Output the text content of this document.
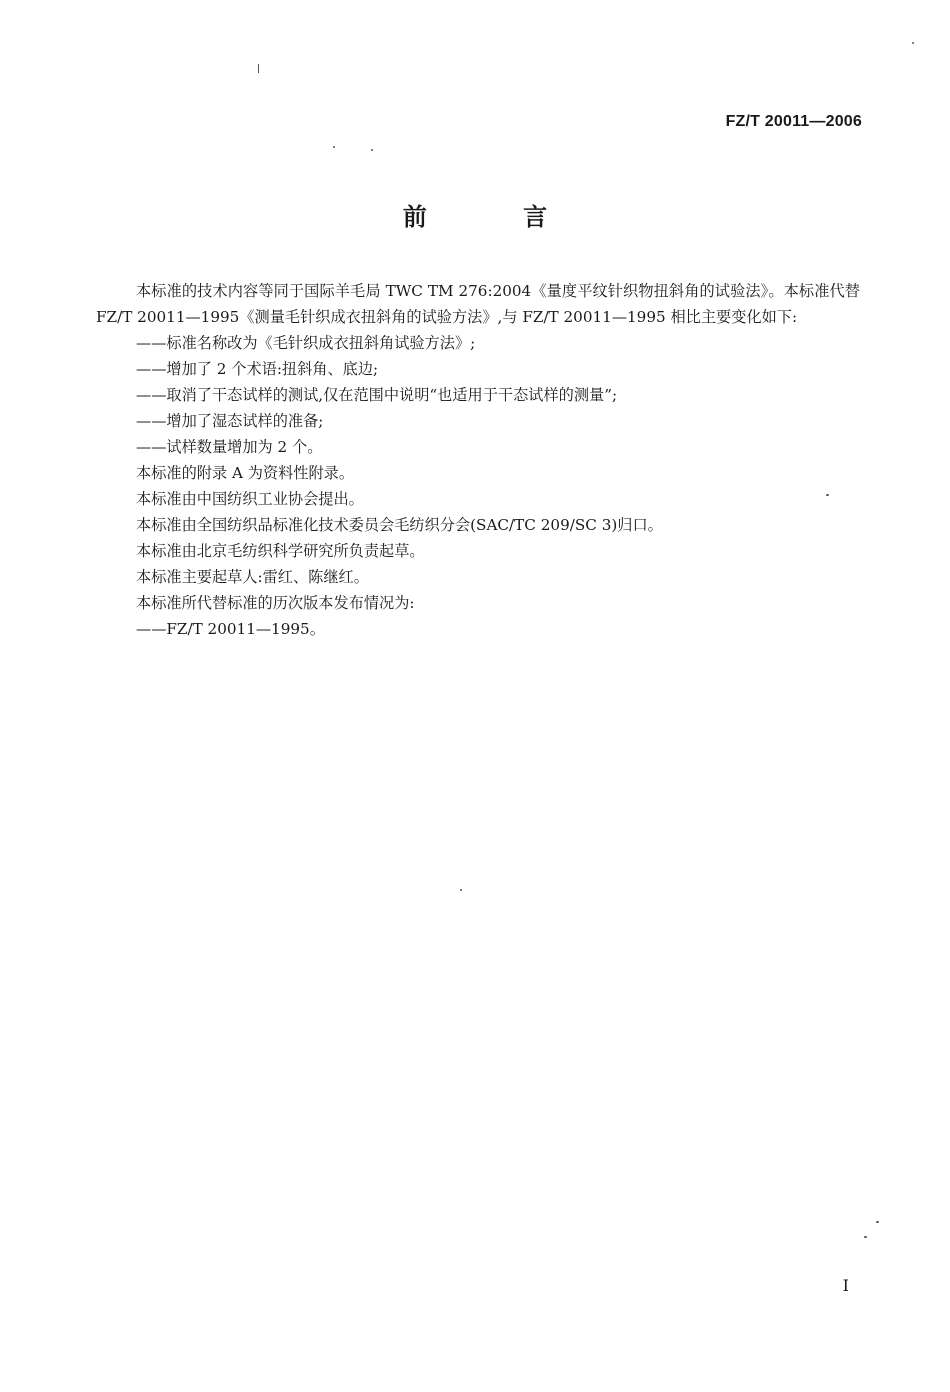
FZ/T 20011—2006
前 言

本标准的技术内容等同于国际羊毛局 TWC TM 276:2004《量度平纹针织物扭斜角的试验法》。本标准代替 FZ/T 20011—1995《测量毛针织成衣扭斜角的试验方法》,与 FZ/T 20011—1995 相比主要变化如下:

——标准名称改为《毛针织成衣扭斜角试验方法》;

——增加了 2 个术语:扭斜角、底边;

——取消了干态试样的测试,仅在范围中说明“也适用于干态试样的测量”;

——增加了湿态试样的准备;

——试样数量增加为 2 个。

本标准的附录 A 为资料性附录。

本标准由中国纺织工业协会提出。

本标准由全国纺织品标准化技术委员会毛纺织分会(SAC/TC 209/SC 3)归口。

本标准由北京毛纺织科学研究所负责起草。

本标准主要起草人:雷红、陈继红。

本标准所代替标准的历次版本发布情况为:

——FZ/T 20011—1995。

I
